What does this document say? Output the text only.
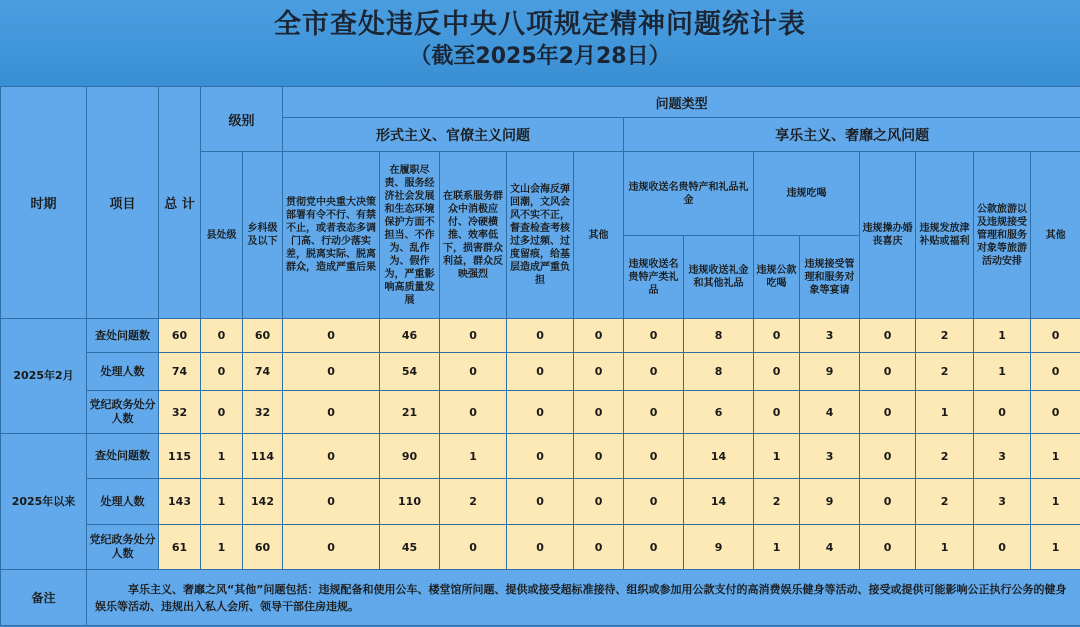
全市查处违反中央八项规定精神问题统计表
（截至2025年2月28日）
时期	项目	总 计	级别		问题类型												
					形式主义、官僚主义问题					享乐主义、奢靡之风问题							
			县处级	乡科级及以下	贯彻党中央重大决策部署有令不行、有禁不止，或者表态多调门高、行动少落实差，脱离实际、脱离群众，造成严重后果	在履职尽责、服务经济社会发展和生态环境保护方面不担当、不作为、乱作为、假作为，严重影响高质量发展	在联系服务群众中消极应付、冷硬横推、效率低下，损害群众利益，群众反映强烈	文山会海反弹回潮，文风会风不实不正，督查检查考核过多过频、过度留痕，给基层造成严重负担	其他	违规收送名贵特产和礼品礼金		违规吃喝		违规操办婚丧喜庆	违规发放津补贴或福利	公款旅游以及违规接受管理和服务对象等旅游活动安排	其他
										违规收送名贵特产类礼品	违规收送礼金和其他礼品	违规公款吃喝	违规接受管理和服务对象等宴请				
2025年2月	查处问题数	60	0	60	0	46	0	0	0	0	8	0	3	0	2	1	0
	处理人数	74	0	74	0	54	0	0	0	0	8	0	9	0	2	1	0
	党纪政务处分人数	32	0	32	0	21	0	0	0	0	6	0	4	0	1	0	0
2025年以来	查处问题数	115	1	114	0	90	1	0	0	0	14	1	3	0	2	3	1
	处理人数	143	1	142	0	110	2	0	0	0	14	2	9	0	2	3	1
	党纪政务处分人数	61	1	60	0	45	0	0	0	0	9	1	4	0	1	0	1
备注	享乐主义、奢靡之风“其他”问题包括：违规配备和使用公车、楼堂馆所问题、提供或接受超标准接待、组织或参加用公款支付的高消费娱乐健身等活动、接受或提供可能影响公正执行公务的健身娱乐等活动、违规出入私人会所、领导干部住房违规。																
